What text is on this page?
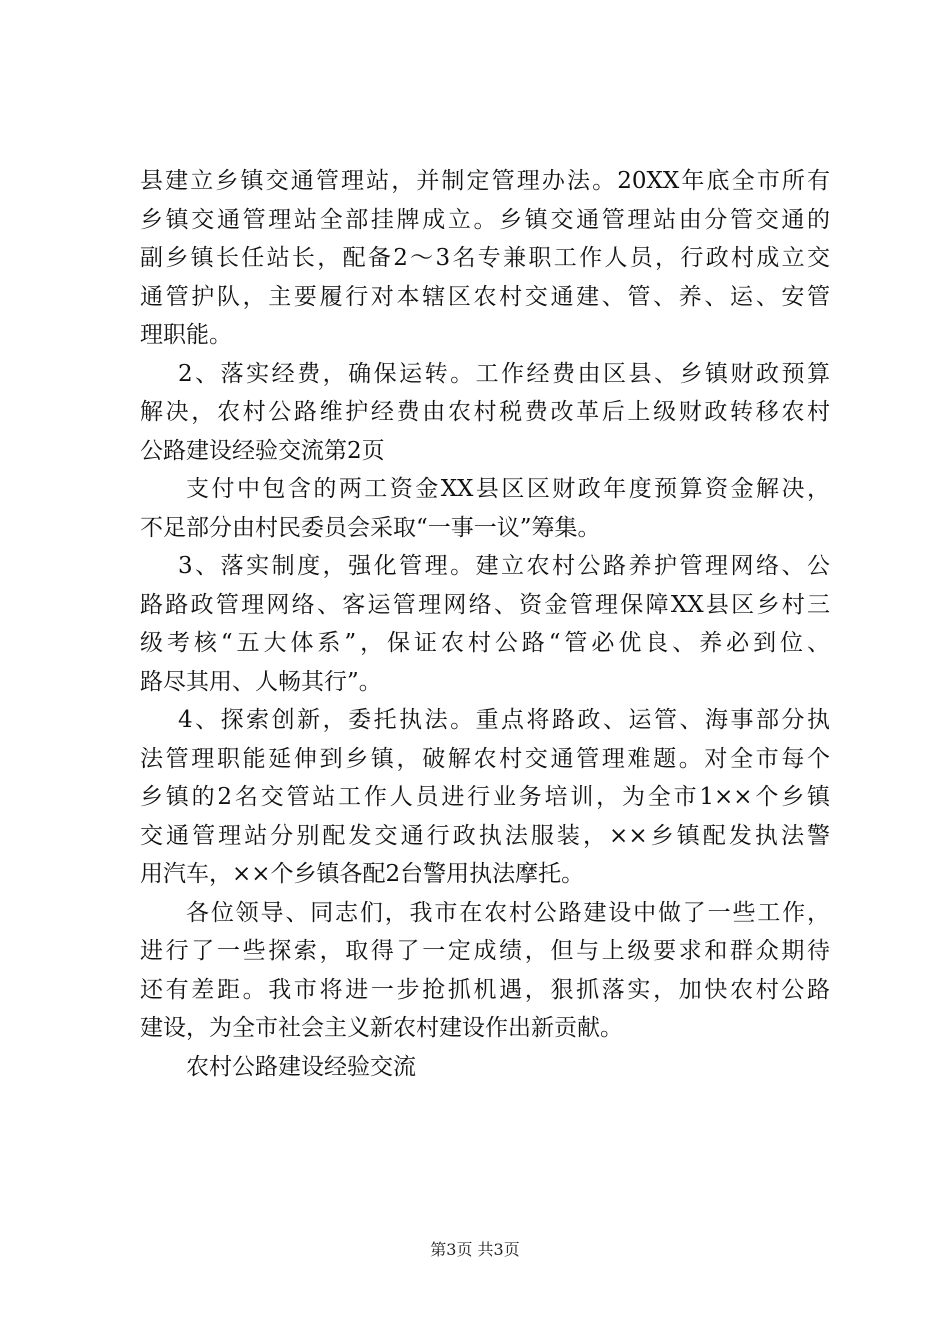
县建立乡镇交通管理站，并制定管理办法。20XX年底全市所有
乡镇交通管理站全部挂牌成立。乡镇交通管理站由分管交通的
副乡镇长任站长，配备2～3名专兼职工作人员，行政村成立交
通管护队，主要履行对本辖区农村交通建、管、养、运、安管
理职能。
2、落实经费，确保运转。工作经费由区县、乡镇财政预算
解决，农村公路维护经费由农村税费改革后上级财政转移农村
公路建设经验交流第2页
支付中包含的两工资金XX县区区财政年度预算资金解决，
不足部分由村民委员会采取“一事一议”筹集。
3、落实制度，强化管理。建立农村公路养护管理网络、公
路路政管理网络、客运管理网络、资金管理保障XX县区乡村三
级考核“五大体系”，保证农村公路“管必优良、养必到位、
路尽其用、人畅其行”。
4、探索创新，委托执法。重点将路政、运管、海事部分执
法管理职能延伸到乡镇，破解农村交通管理难题。对全市每个
乡镇的2名交管站工作人员进行业务培训，为全市1××个乡镇
交通管理站分别配发交通行政执法服装，××乡镇配发执法警
用汽车，××个乡镇各配2台警用执法摩托。
各位领导、同志们，我市在农村公路建设中做了一些工作，
进行了一些探索，取得了一定成绩，但与上级要求和群众期待
还有差距。我市将进一步抢抓机遇，狠抓落实，加快农村公路
建设，为全市社会主义新农村建设作出新贡献。
农村公路建设经验交流
第3页 共3页
